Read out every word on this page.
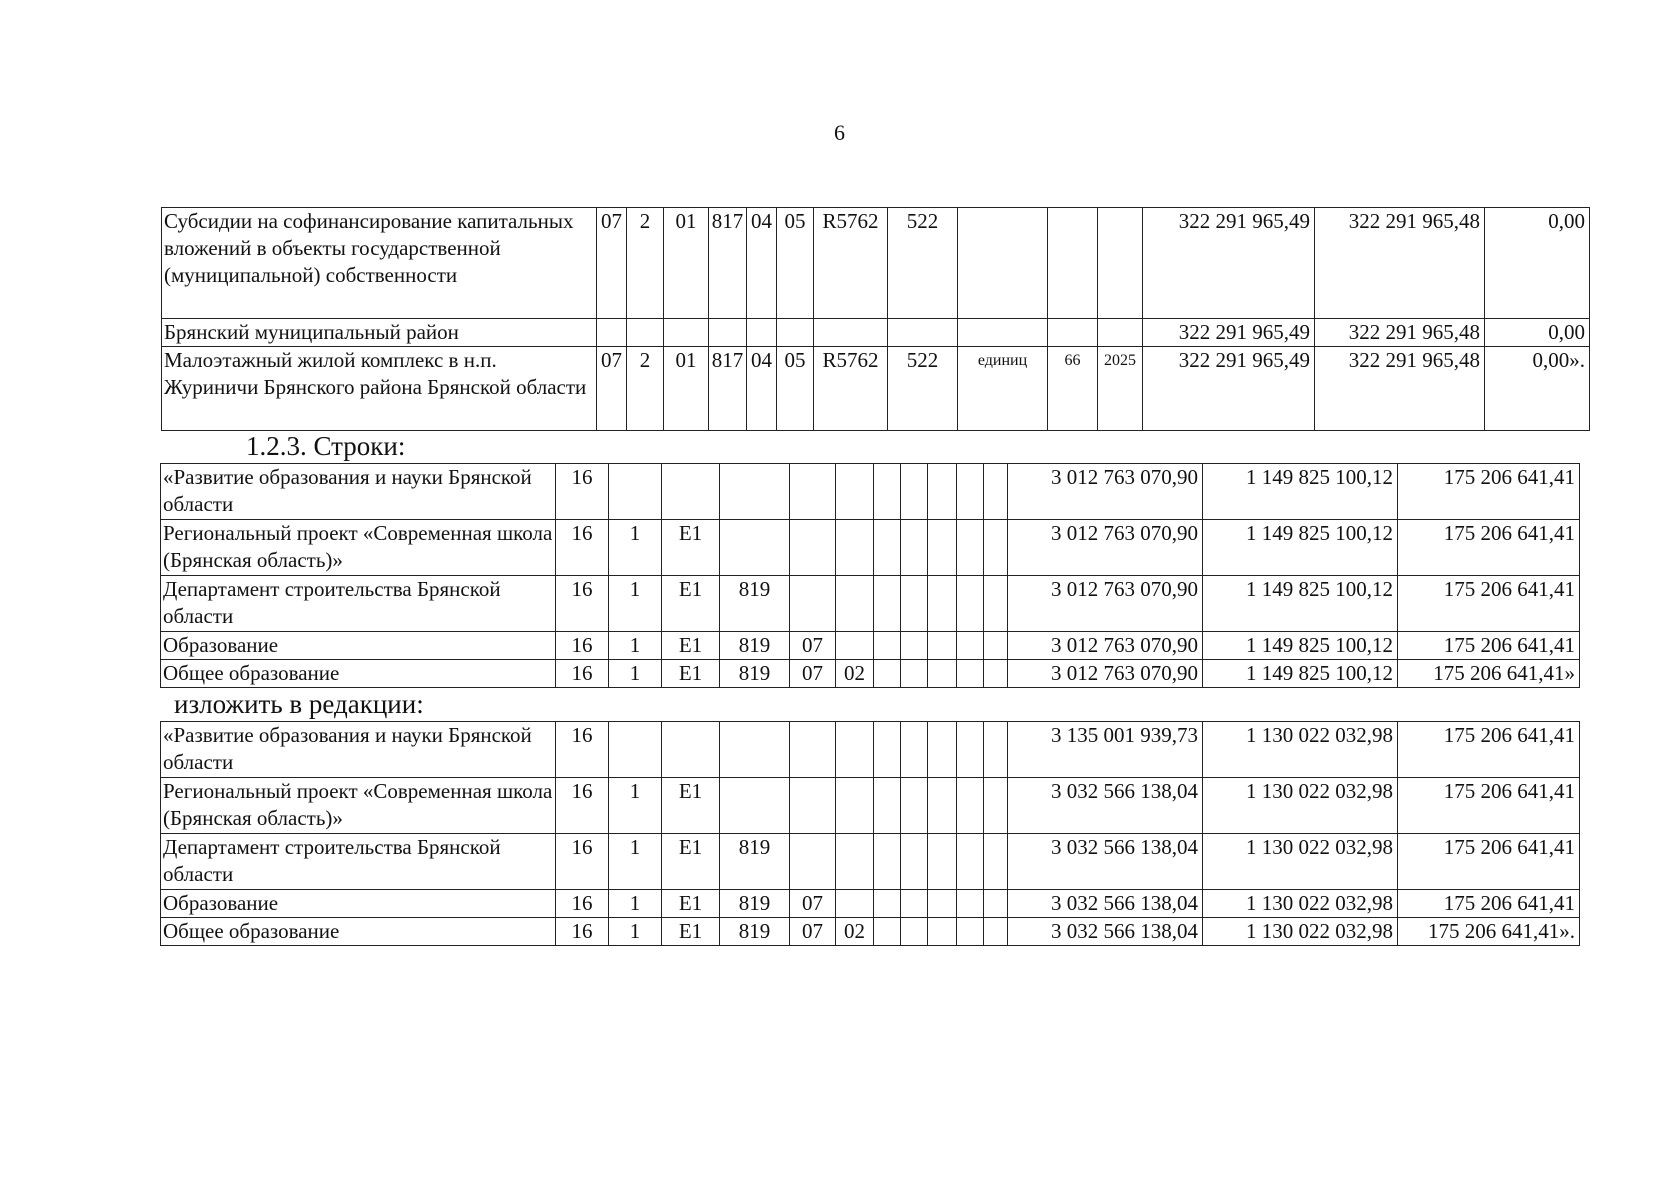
6
Субсидии на софинансирование капитальных вложений в объекты государственной (муниципальной) собственности	07	2	01	817	04	05	R5762	522				322 291 965,49	322 291 965,48	0,00
Брянский муниципальный район												322 291 965,49	322 291 965,48	0,00
Малоэтажный жилой комплекс в н.п. Журиничи Брянского района Брянской области	07	2	01	817	04	05	R5762	522	единиц	66	2025	322 291 965,49	322 291 965,48	0,00».
1.2.3. Строки:
«Развитие образования и науки Брянской области	16											3 012 763 070,90	1 149 825 100,12	175 206 641,41
Региональный проект «Современная школа (Брянская область)»	16	1	Е1									3 012 763 070,90	1 149 825 100,12	175 206 641,41
Департамент строительства Брянской области	16	1	Е1	819								3 012 763 070,90	1 149 825 100,12	175 206 641,41
Образование	16	1	Е1	819	07							3 012 763 070,90	1 149 825 100,12	175 206 641,41
Общее образование	16	1	Е1	819	07	02						3 012 763 070,90	1 149 825 100,12	175 206 641,41»
изложить в редакции:
«Развитие образования и науки Брянской области	16											3 135 001 939,73	1 130 022 032,98	175 206 641,41
Региональный проект «Современная школа (Брянская область)»	16	1	Е1									3 032 566 138,04	1 130 022 032,98	175 206 641,41
Департамент строительства Брянской области	16	1	Е1	819								3 032 566 138,04	1 130 022 032,98	175 206 641,41
Образование	16	1	Е1	819	07							3 032 566 138,04	1 130 022 032,98	175 206 641,41
Общее образование	16	1	Е1	819	07	02						3 032 566 138,04	1 130 022 032,98	175 206 641,41».
